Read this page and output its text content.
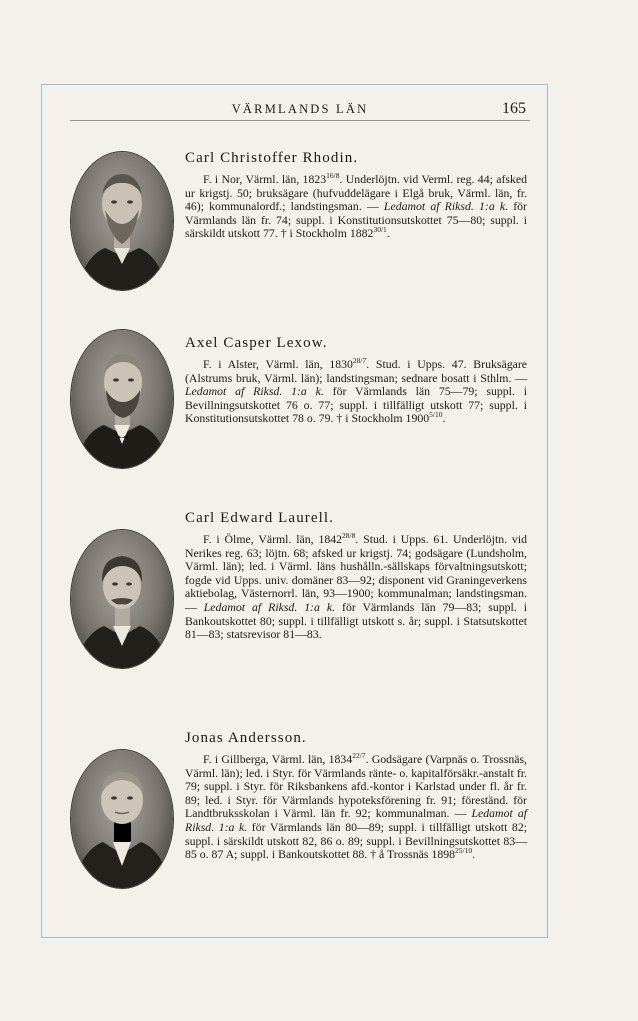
VÄRMLANDS LÄN	165

Carl Christoffer Rhodin.

F. i Nor, Värml. län, $1823^{16/8}$. Underlöjtn. vid Verml. reg. 44; afsked ur krigstj. 50; bruksägare (hufvuddelägare i Elgå bruk, Värml. län, fr. 46); kommunalordf.; landstingsman. — Ledamot af Riksd. 1:a k. för Värmlands län fr. 74; suppl. i Konstitutionsutskottet 75—80; suppl. i särskildt utskott 77. † i Stockholm $1882^{30/1}$.

Axel Casper Lexow.

F. i Alster, Värml. län, $1830^{28/7}$. Stud. i Upps. 47. Bruksägare (Alstrums bruk, Värml. län); landstingsman; sednare bosatt i Sthlm. — Ledamot af Riksd. 1:a k. för Värmlands län 75—79; suppl. i Bevillningsutskottet 76 o. 77; suppl. i tillfälligt utskott 77; suppl. i Konstitutionsutskottet 78 o. 79. † i Stockholm $1900^{5/10}$.

Carl Edward Laurell.

F. i Ölme, Värml. län, $1842^{28/8}$. Stud. i Upps. 61. Underlöjtn. vid Nerikes reg. 63; löjtn. 68; afsked ur krigstj. 74; godsägare (Lundsholm, Värml. län); led. i Värml. läns hushålln.-sällskaps förvaltningsutskott; fogde vid Upps. univ. domäner 83—92; disponent vid Graningeverkens aktiebolag, Västernorrl. län, 93—1900; kommunalman; landstingsman. — Ledamot af Riksd. 1:a k. för Värmlands län 79—83; suppl. i Bankoutskottet 80; suppl. i tillfälligt utskott s. år; suppl. i Statsutskottet 81—83; statsrevisor 81—83.

Jonas Andersson.

F. i Gillberga, Värml. län, $1834^{22/7}$. Godsägare (Varpnäs o. Trossnäs, Värml. län); led. i Styr. för Värmlands ränte- o. kapitalförsäkr.-anstalt fr. 79; suppl. i Styr. för Riksbankens afd.-kontor i Karlstad under fl. år fr. 89; led. i Styr. för Värmlands hypoteksförening fr. 91; föreständ. för Landtbruksskolan i Värml. län fr. 92; kommunalman. — Ledamot af Riksd. 1:a k. för Värmlands län 80—89; suppl. i tillfälligt utskott 82; suppl. i särskildt utskott 82, 86 o. 89; suppl. i Bevillningsutskottet 83—85 o. 87 A; suppl. i Bankoutskottet 88. † å Trossnäs $1898^{25/10}$.
